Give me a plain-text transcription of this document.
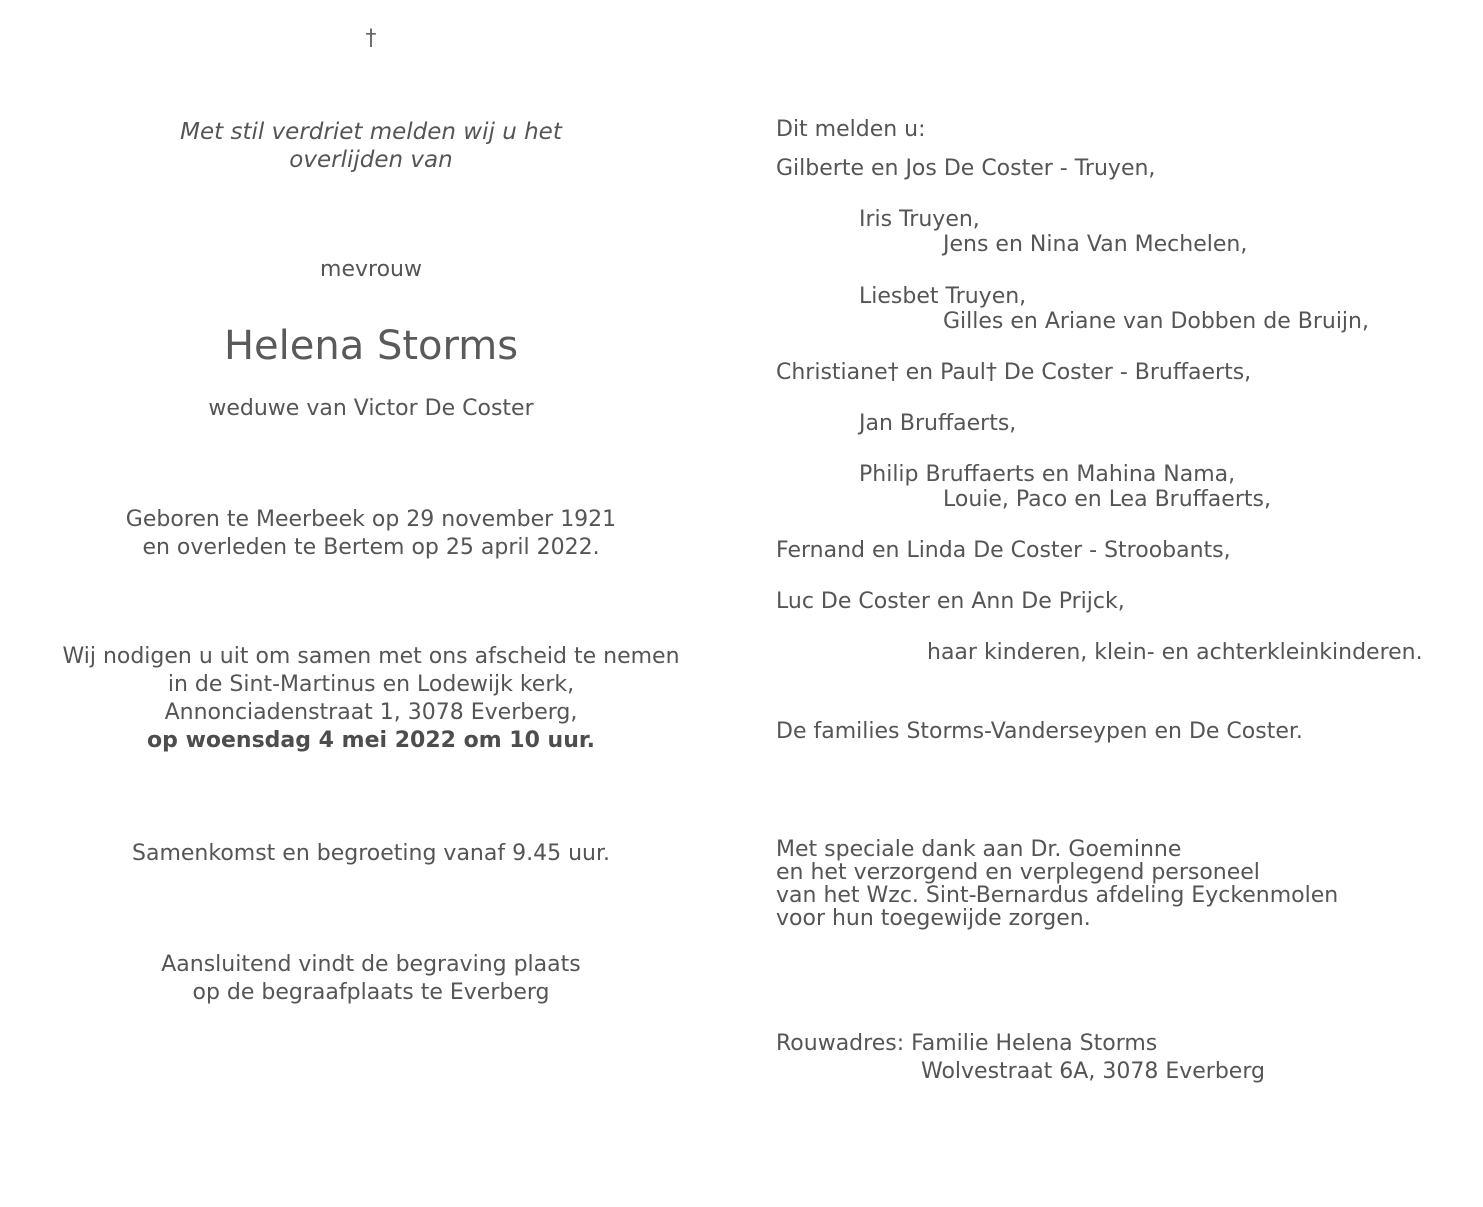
†
Met stil verdriet melden wij u het
overlijden van
mevrouw
Helena Storms
weduwe van Victor De Coster
Geboren te Meerbeek op 29 november 1921
en overleden te Bertem op 25 april 2022.
Wij nodigen u uit om samen met ons afscheid te nemen
in de Sint-Martinus en Lodewijk kerk,
Annonciadenstraat 1, 3078 Everberg,
op woensdag 4 mei 2022 om 10 uur.
Samenkomst en begroeting vanaf 9.45 uur.
Aansluitend vindt de begraving plaats
op de begraafplaats te Everberg
Dit melden u:
Gilberte en Jos De Coster - Truyen,
Iris Truyen,
Jens en Nina Van Mechelen,
Liesbet Truyen,
Gilles en Ariane van Dobben de Bruijn,
Christiane† en Paul† De Coster - Bruffaerts,
Jan Bruffaerts,
Philip Bruffaerts en Mahina Nama,
Louie, Paco en Lea Bruffaerts,
Fernand en Linda De Coster - Stroobants,
Luc De Coster en Ann De Prijck,
haar kinderen, klein- en achterkleinkinderen.
De families Storms-Vanderseypen en De Coster.
Met speciale dank aan Dr. Goeminne
en het verzorgend en verplegend personeel
van het Wzc. Sint-Bernardus afdeling Eyckenmolen
voor hun toegewijde zorgen.
Rouwadres: Familie Helena Storms
Wolvestraat 6A, 3078 Everberg
